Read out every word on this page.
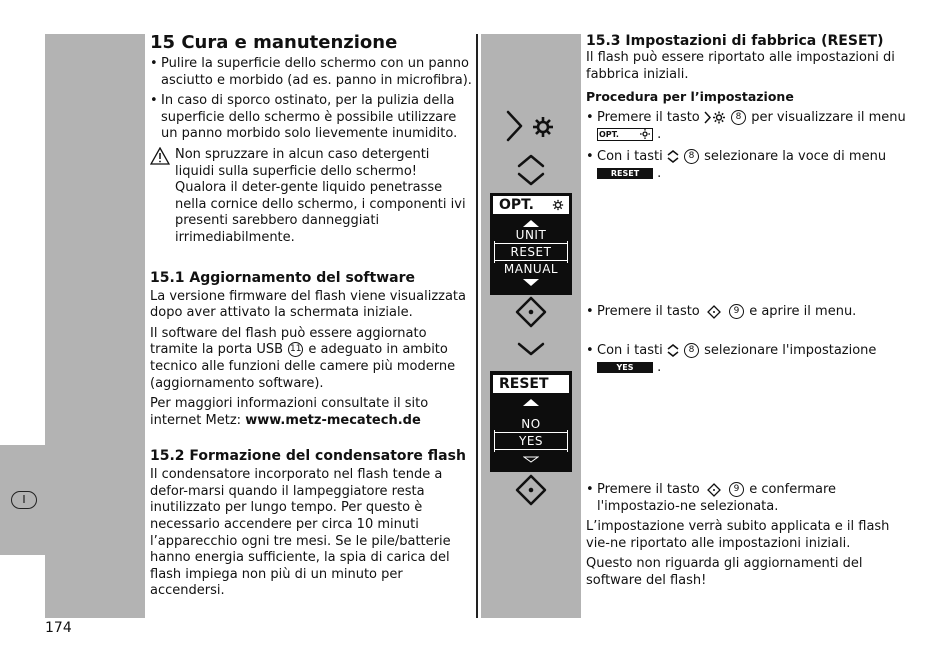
I
174
15 Cura e manutenzione

• Pulire la superficie dello schermo con un panno asciutto e morbido (ad es. panno in microfibra).

• In caso di sporco ostinato, per la pulizia della superficie dello schermo è possibile utilizzare un panno morbido solo lievemente inumidito.

Non spruzzare in alcun caso detergenti liquidi sulla superficie dello schermo! Qualora il deter-gente liquido penetrasse nella cornice dello schermo, i componenti ivi presenti sarebbero danneggiati irrimediabilmente.

15.1 Aggiornamento del software

La versione firmware del flash viene visualizzata dopo aver attivato la schermata iniziale.

Il software del flash può essere aggiornato tramite la porta USB 11 e adeguato in ambito tecnico alle funzioni delle camere più moderne (aggiornamento software).

Per maggiori informazioni consultate il sito internet Metz: www.metz-mecatech.de

15.2 Formazione del condensatore flash

Il condensatore incorporato nel flash tende a defor-marsi quando il lampeggiatore resta inutilizzato per lungo tempo. Per questo è necessario accendere per circa 10 minuti l’apparecchio ogni tre mesi. Se le pile/batterie hanno energia sufficiente, la spia di carica del flash impiega non più di un minuto per accendersi.

OPT.
UNIT
RESET
MANUAL
RESET
NO
YES
15.3 Impostazioni di fabbrica (RESET)

Il flash può essere riportato alle impostazioni di fabbrica iniziali.

Procedura per l’impostazione

• Premere il tasto	8 per visualizzare il menu

OPT.	.

• Con i tasti	8 selezionare la voce di menu
RESET .

• Premere il tasto	9 e aprire il menu.

• Con i tasti	8 selezionare l'impostazione
YES .

• Premere il tasto	9 e confermare l'impostazio-ne selezionata.

L’impostazione verrà subito applicata e il flash vie-ne riportato alle impostazioni iniziali.

Questo non riguarda gli aggiornamenti del software del flash!
